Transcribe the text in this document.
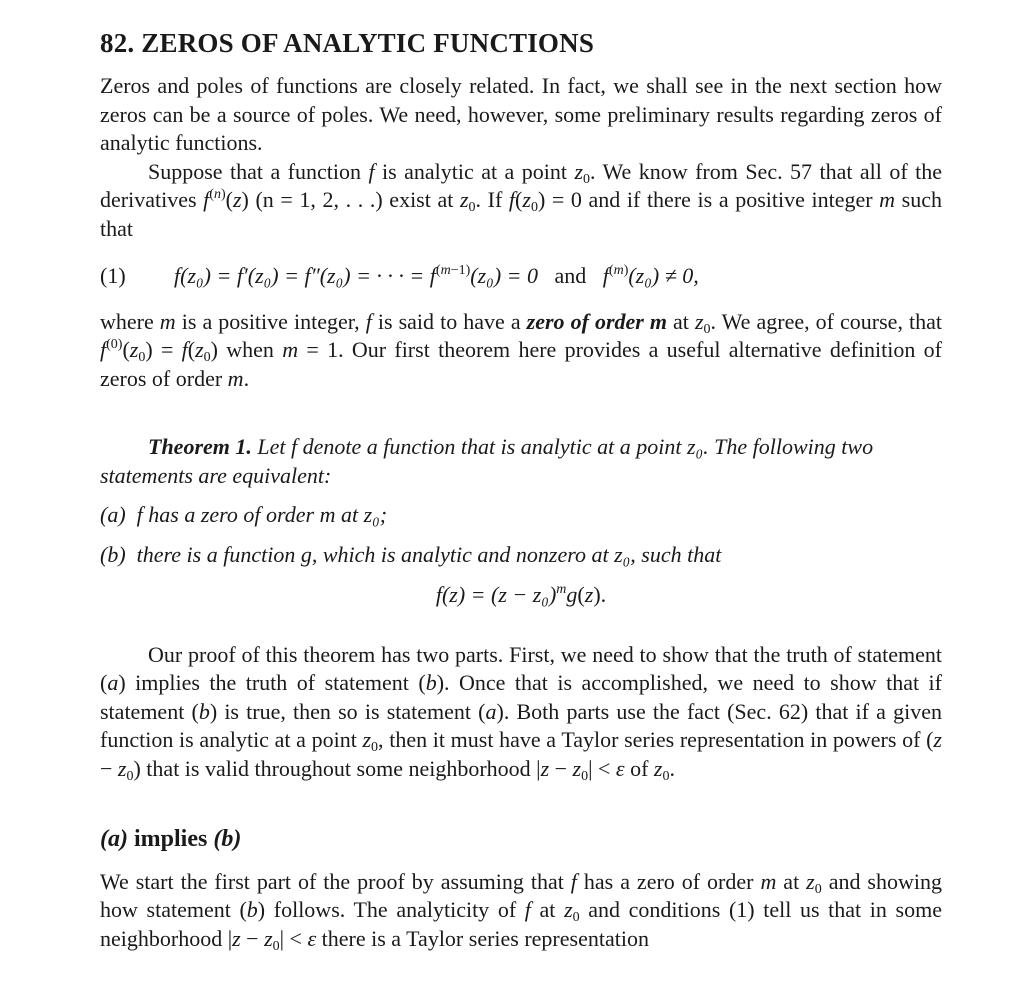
82. ZEROS OF ANALYTIC FUNCTIONS

Zeros and poles of functions are closely related. In fact, we shall see in the next section how zeros can be a source of poles. We need, however, some preliminary results regarding zeros of analytic functions.

Suppose that a function f is analytic at a point $z_0$. We know from Sec. 57 that all of the derivatives $f^{(n)}(z) (n = 1$, 2, . . .) exist at $z_0$. If $f(z_0) = 0$ and if there is a positive integer m such that

(1) f(z₀) = f′(z₀) = f″(z₀) = · · · = $f^{(m-1)}(z_0) = 0$ and $f^{(m)}(z_0) \ne 0$,

where m is a positive integer, f is said to have a zero of order m at $z_0$. We agree, of course, that $f^{(0)}(z_0) = f(z_0)$ when m = 1. Our first theorem here provides a useful alternative definition of zeros of order m.

Theorem 1. Let f denote a function that is analytic at a point z₀. The following two statements are equivalent:

(a) f has a zero of order m at z₀;

(b) there is a function g, which is analytic and nonzero at z₀, such that

$f(z) = (z - z_0)^mg(z)$.

Our proof of this theorem has two parts. First, we need to show that the truth of statement (a) implies the truth of statement (b). Once that is accomplished, we need to show that if statement (b) is true, then so is statement (a). Both parts use the fact (Sec. 62) that if a given function is analytic at a point $z_0$, then it must have a Taylor series representation in powers of $(z - z_0)$ that is valid throughout some neighborhood $|z - z_0| < \varepsilon$ of $z_0$.

(a) implies (b)

We start the first part of the proof by assuming that f has a zero of order m at $z_0$ and showing how statement (b) follows. The analyticity of f at $z_0$ and conditions (1) tell us that in some neighborhood $|z - z_0| < \varepsilon$ there is a Taylor series representation
